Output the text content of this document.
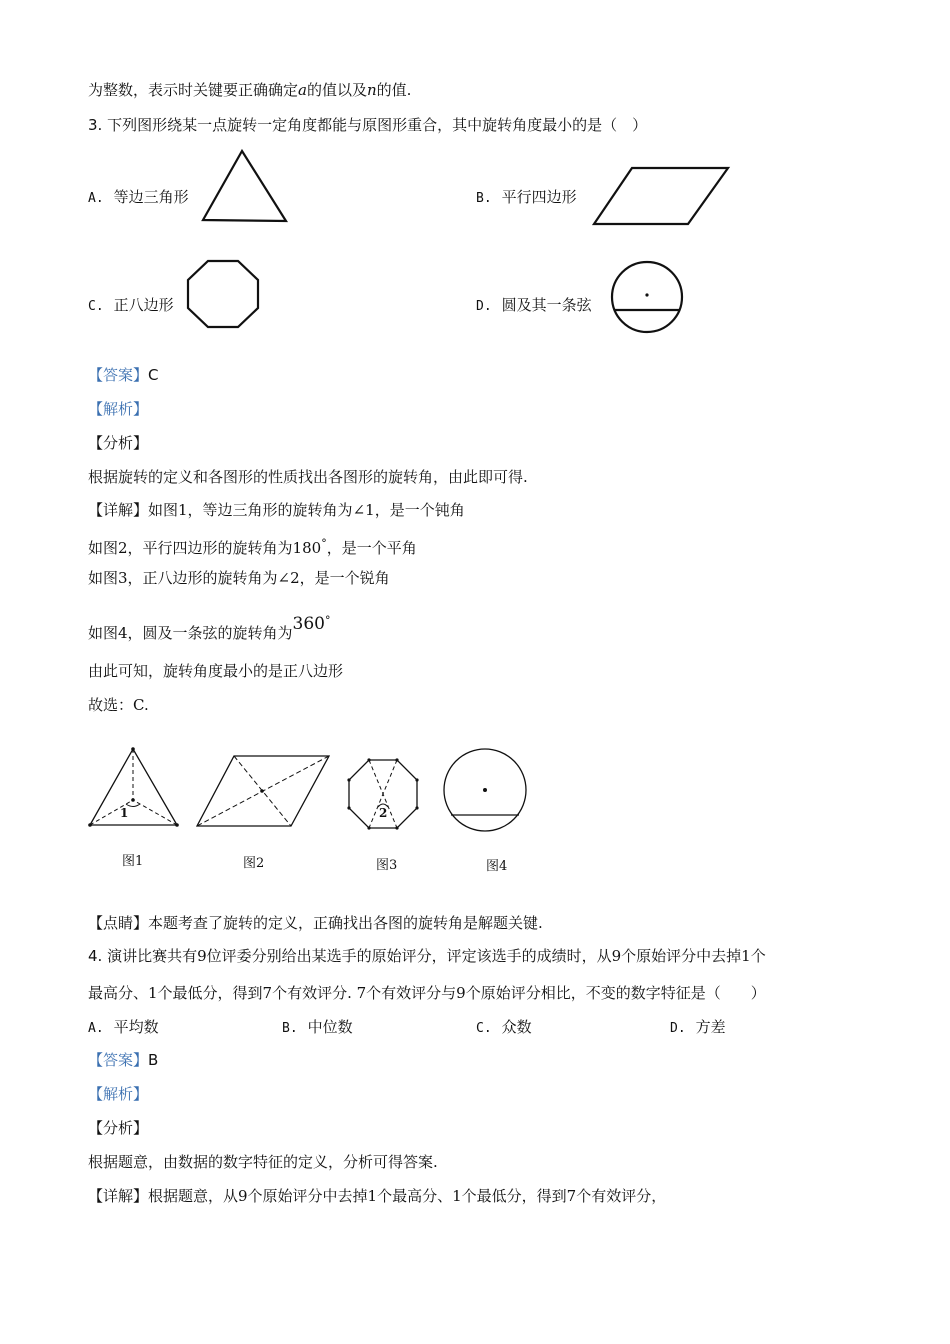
为整数，表示时关键要正确确定a的值以及n的值.
3. 下列图形绕某一点旋转一定角度都能与原图形重合，其中旋转角度最小的是（　）
A. 等边三角形	B. 平行四边形
C. 正八边形	D. 圆及其一条弦
【答案】C
【解析】
【分析】
根据旋转的定义和各图形的性质找出各图形的旋转角，由此即可得.
【详解】如图1，等边三角形的旋转角为∠1，是一个钝角
如图2，平行四边形的旋转角为180°，是一个平角
如图3，正八边形的旋转角为∠2，是一个锐角
如图4，圆及一条弦的旋转角为360°
由此可知，旋转角度最小的是正八边形
故选：C.
1	2
图1	图2	图3	图4
【点睛】本题考查了旋转的定义，正确找出各图的旋转角是解题关键.
4. 演讲比赛共有9位评委分别给出某选手的原始评分，评定该选手的成绩时，从9个原始评分中去掉1个
最高分、1个最低分，得到7个有效评分. 7个有效评分与9个原始评分相比，不变的数字特征是（　　）
A. 平均数	B. 中位数	C. 众数	D. 方差
【答案】B
【解析】
【分析】
根据题意，由数据的数字特征的定义，分析可得答案.
【详解】根据题意，从9个原始评分中去掉1个最高分、1个最低分，得到7个有效评分，
